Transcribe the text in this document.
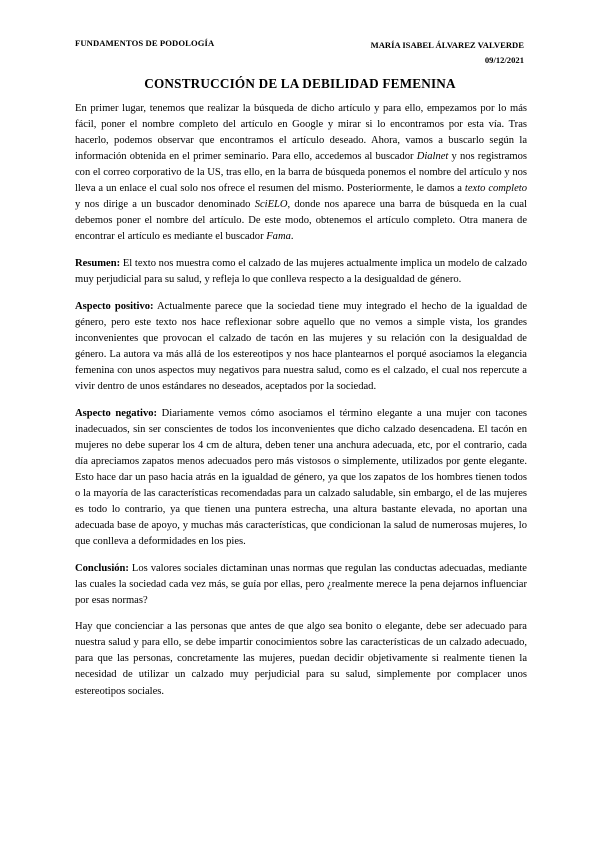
FUNDAMENTOS DE PODOLOGÍA	MARÍA ISABEL ÁLVAREZ VALVERDE
09/12/2021
CONSTRUCCIÓN DE LA DEBILIDAD FEMENINA

En primer lugar, tenemos que realizar la búsqueda de dicho artículo y para ello, empezamos por lo más fácil, poner el nombre completo del artículo en Google y mirar si lo encontramos por esta vía. Tras hacerlo, podemos observar que encontramos el artículo deseado. Ahora, vamos a buscarlo según la información obtenida en el primer seminario. Para ello, accedemos al buscador Dialnet y nos registramos con el correo corporativo de la US, tras ello, en la barra de búsqueda ponemos el nombre del artículo y nos lleva a un enlace el cual solo nos ofrece el resumen del mismo. Posteriormente, le damos a texto completo y nos dirige a un buscador denominado SciELO, donde nos aparece una barra de búsqueda en la cual debemos poner el nombre del artículo. De este modo, obtenemos el artículo completo. Otra manera de encontrar el artículo es mediante el buscador Fama.

Resumen: El texto nos muestra como el calzado de las mujeres actualmente implica un modelo de calzado muy perjudicial para su salud, y refleja lo que conlleva respecto a la desigualdad de género.

Aspecto positivo: Actualmente parece que la sociedad tiene muy integrado el hecho de la igualdad de género, pero este texto nos hace reflexionar sobre aquello que no vemos a simple vista, los grandes inconvenientes que provocan el calzado de tacón en las mujeres y su relación con la desigualdad de género. La autora va más allá de los estereotipos y nos hace plantearnos el porqué asociamos la elegancia femenina con unos aspectos muy negativos para nuestra salud, como es el calzado, el cual nos repercute a vivir dentro de unos estándares no deseados, aceptados por la sociedad.

Aspecto negativo: Diariamente vemos cómo asociamos el término elegante a una mujer con tacones inadecuados, sin ser conscientes de todos los inconvenientes que dicho calzado desencadena. El tacón en mujeres no debe superar los 4 cm de altura, deben tener una anchura adecuada, etc, por el contrario, cada día apreciamos zapatos menos adecuados pero más vistosos o simplemente, utilizados por gente elegante. Esto hace dar un paso hacia atrás en la igualdad de género, ya que los zapatos de los hombres tienen todos o la mayoría de las características recomendadas para un calzado saludable, sin embargo, el de las mujeres es todo lo contrario, ya que tienen una puntera estrecha, una altura bastante elevada, no aportan una adecuada base de apoyo, y muchas más características, que condicionan la salud de numerosas mujeres, lo que conlleva a deformidades en los pies.

Conclusión: Los valores sociales dictaminan unas normas que regulan las conductas adecuadas, mediante las cuales la sociedad cada vez más, se guía por ellas, pero ¿realmente merece la pena dejarnos influenciar por esas normas?

Hay que concienciar a las personas que antes de que algo sea bonito o elegante, debe ser adecuado para nuestra salud y para ello, se debe impartir conocimientos sobre las características de un calzado adecuado, para que las personas, concretamente las mujeres, puedan decidir objetivamente si realmente tienen la necesidad de utilizar un calzado muy perjudicial para su salud, simplemente por complacer unos estereotipos sociales.
